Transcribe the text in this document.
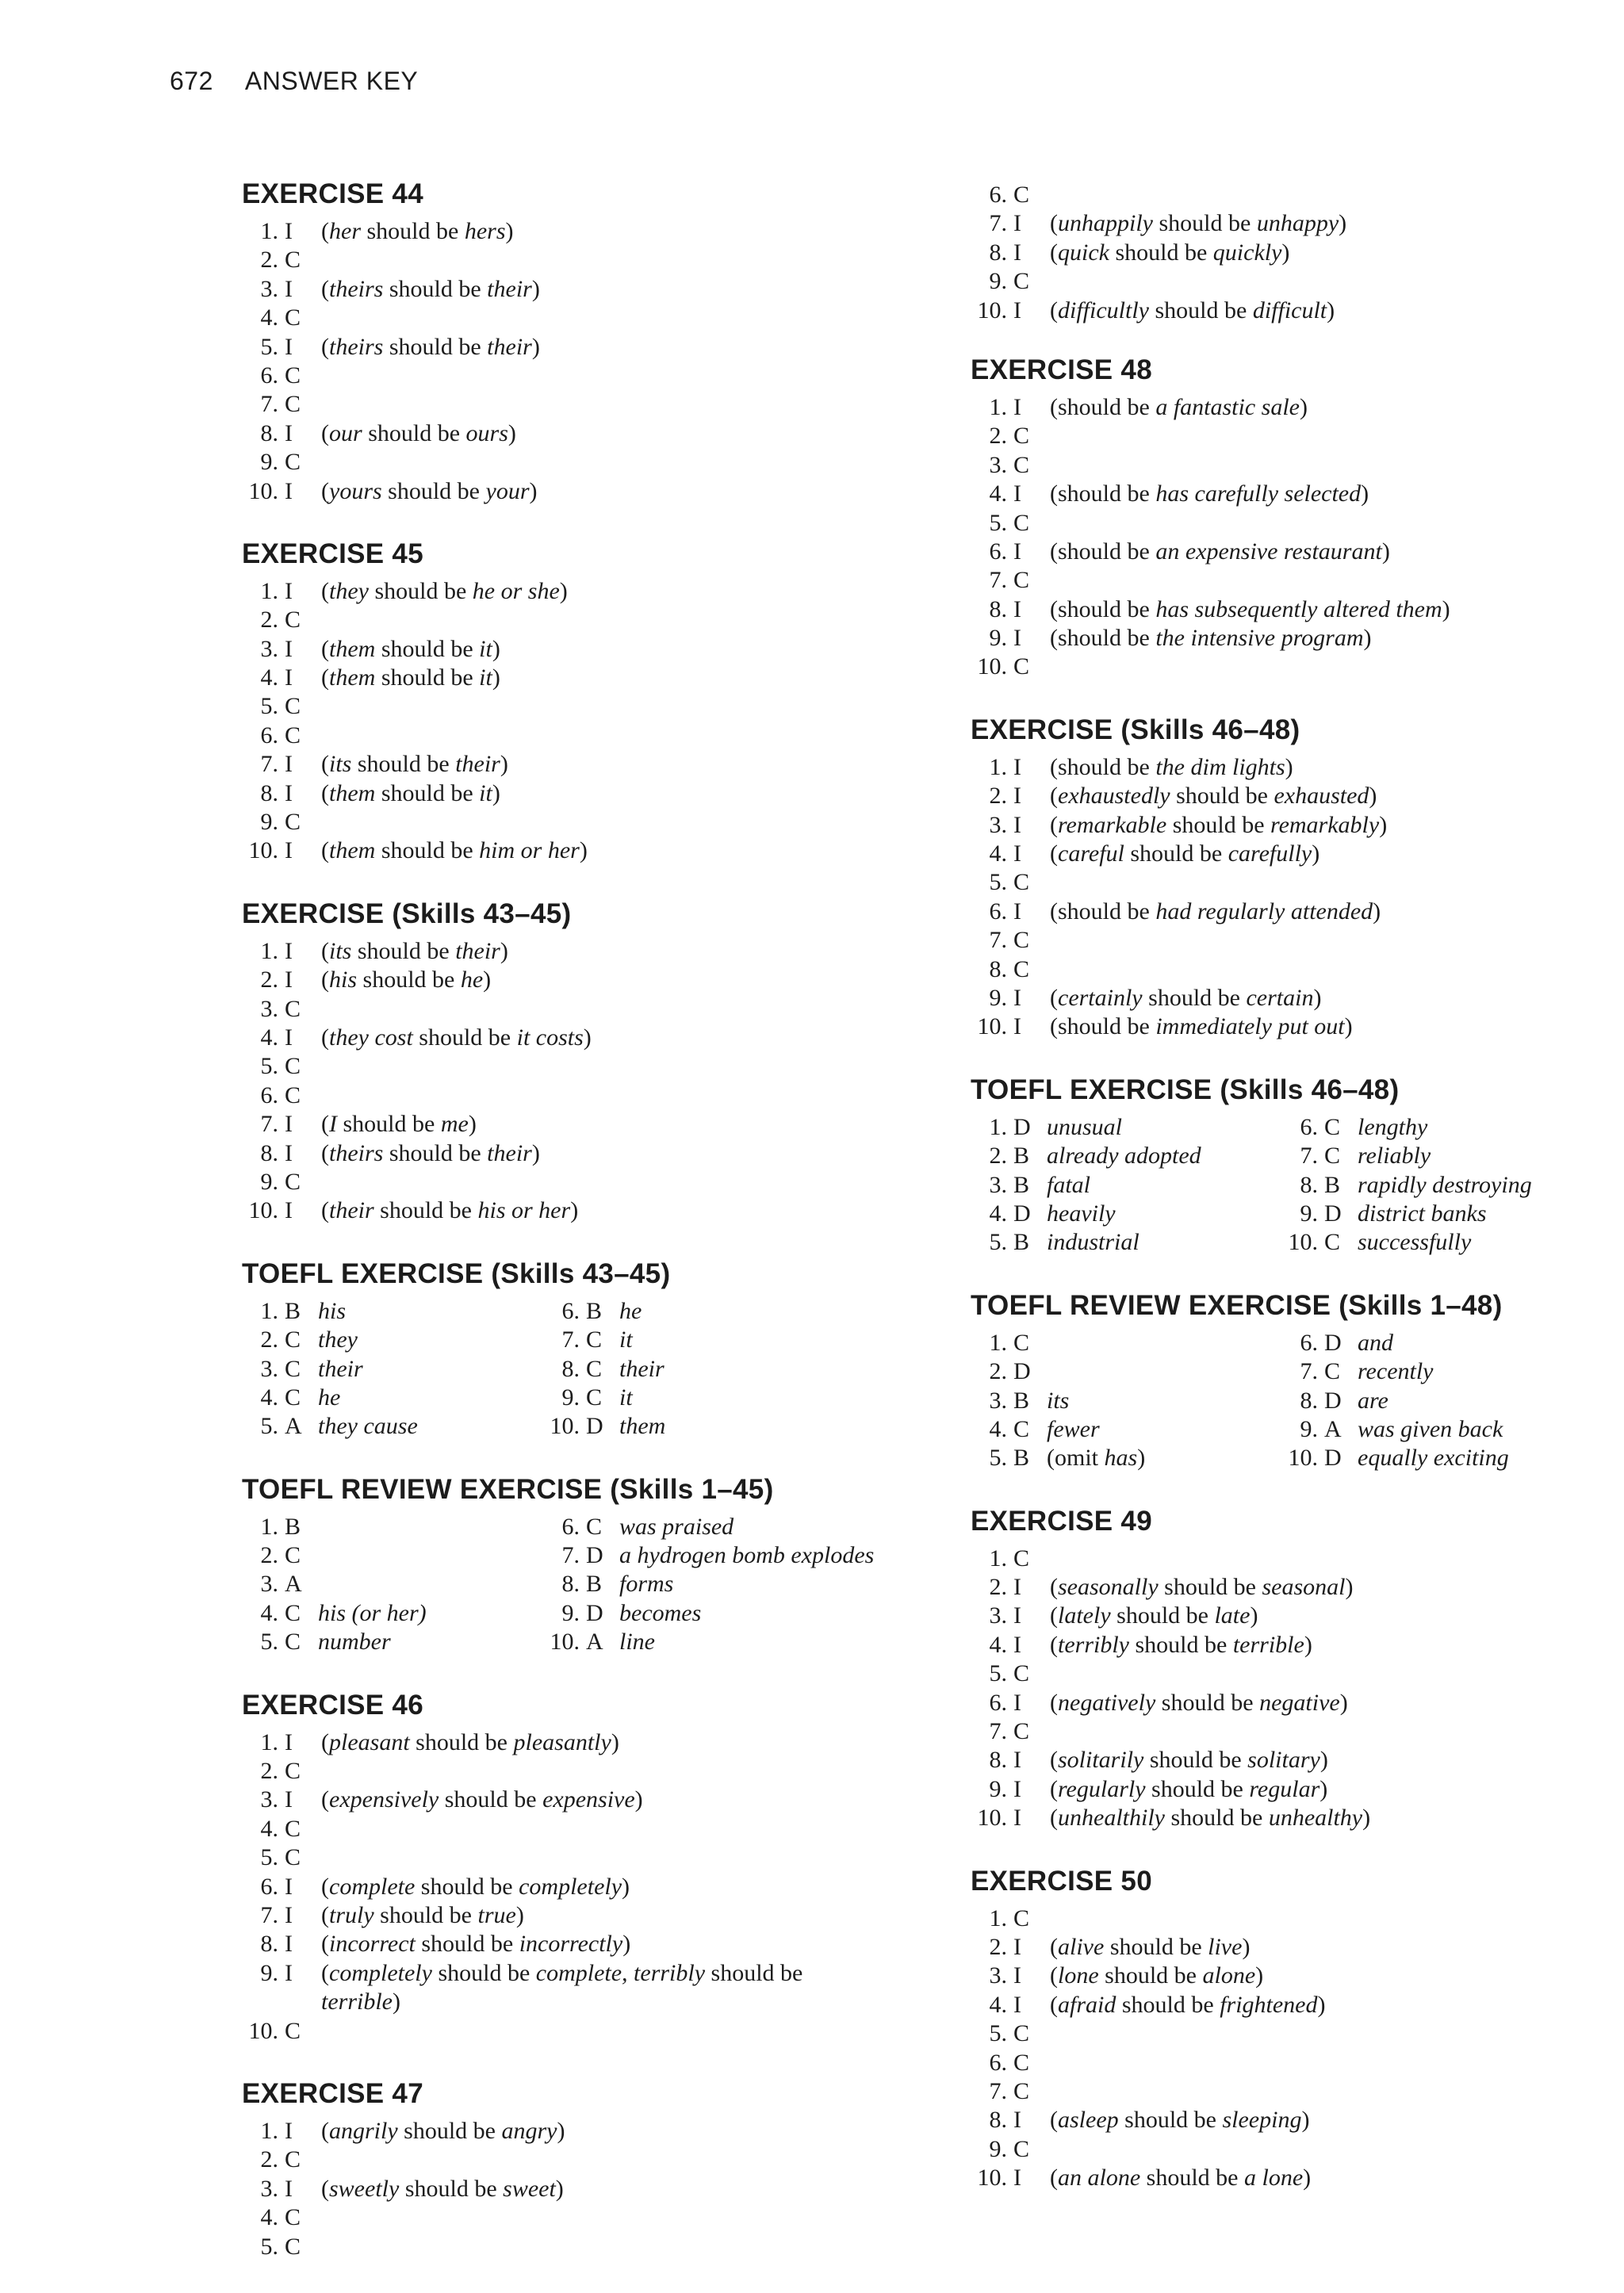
672 ANSWER KEY
EXERCISE 44
1. I (her should be hers)
2. C
3. I (theirs should be their)
4. C
5. I (theirs should be their)
6. C
7. C
8. I (our should be ours)
9. C
10. I (yours should be your)
EXERCISE 45
1. I (they should be he or she)
2. C
3. I (them should be it)
4. I (them should be it)
5. C
6. C
7. I (its should be their)
8. I (them should be it)
9. C
10. I (them should be him or her)
EXERCISE (Skills 43–45)
1. I (its should be their)
2. I (his should be he)
3. C
4. I (they cost should be it costs)
5. C
6. C
7. I (I should be me)
8. I (theirs should be their)
9. C
10. I (their should be his or her)
TOEFL EXERCISE (Skills 43–45)
1. B his	6. B he
2. C they	7. C it
3. C their	8. C their
4. C he	9. C it
5. A they cause	10. D them
TOEFL REVIEW EXERCISE (Skills 1–45)
1. B	6. C was praised
2. C	7. D a hydrogen bomb explodes
3. A	8. B forms
4. C his (or her)	9. D becomes
5. C number	10. A line
EXERCISE 46
1. I (pleasant should be pleasantly)
2. C
3. I (expensively should be expensive)
4. C
5. C
6. I (complete should be completely)
7. I (truly should be true)
8. I (incorrect should be incorrectly)
9. I (completely should be complete, terribly should be
terrible)
10. C
EXERCISE 47
1. I (angrily should be angry)
2. C
3. I (sweetly should be sweet)
4. C
5. C
6. C
7. I (unhappily should be unhappy)
8. I (quick should be quickly)
9. C
10. I (difficultly should be difficult)
EXERCISE 48
1. I (should be a fantastic sale)
2. C
3. C
4. I (should be has carefully selected)
5. C
6. I (should be an expensive restaurant)
7. C
8. I (should be has subsequently altered them)
9. I (should be the intensive program)
10. C
EXERCISE (Skills 46–48)
1. I (should be the dim lights)
2. I (exhaustedly should be exhausted)
3. I (remarkable should be remarkably)
4. I (careful should be carefully)
5. C
6. I (should be had regularly attended)
7. C
8. C
9. I (certainly should be certain)
10. I (should be immediately put out)
TOEFL EXERCISE (Skills 46–48)
1. D unusual	6. C lengthy
2. B already adopted	7. C reliably
3. B fatal	8. B rapidly destroying
4. D heavily	9. D district banks
5. B industrial	10. C successfully
TOEFL REVIEW EXERCISE (Skills 1–48)
1. C	6. D and
2. D	7. C recently
3. B its	8. D are
4. C fewer	9. A was given back
5. B (omit has)	10. D equally exciting
EXERCISE 49
1. C
2. I (seasonally should be seasonal)
3. I (lately should be late)
4. I (terribly should be terrible)
5. C
6. I (negatively should be negative)
7. C
8. I (solitarily should be solitary)
9. I (regularly should be regular)
10. I (unhealthily should be unhealthy)
EXERCISE 50
1. C
2. I (alive should be live)
3. I (lone should be alone)
4. I (afraid should be frightened)
5. C
6. C
7. C
8. I (asleep should be sleeping)
9. C
10. I (an alone should be a lone)
